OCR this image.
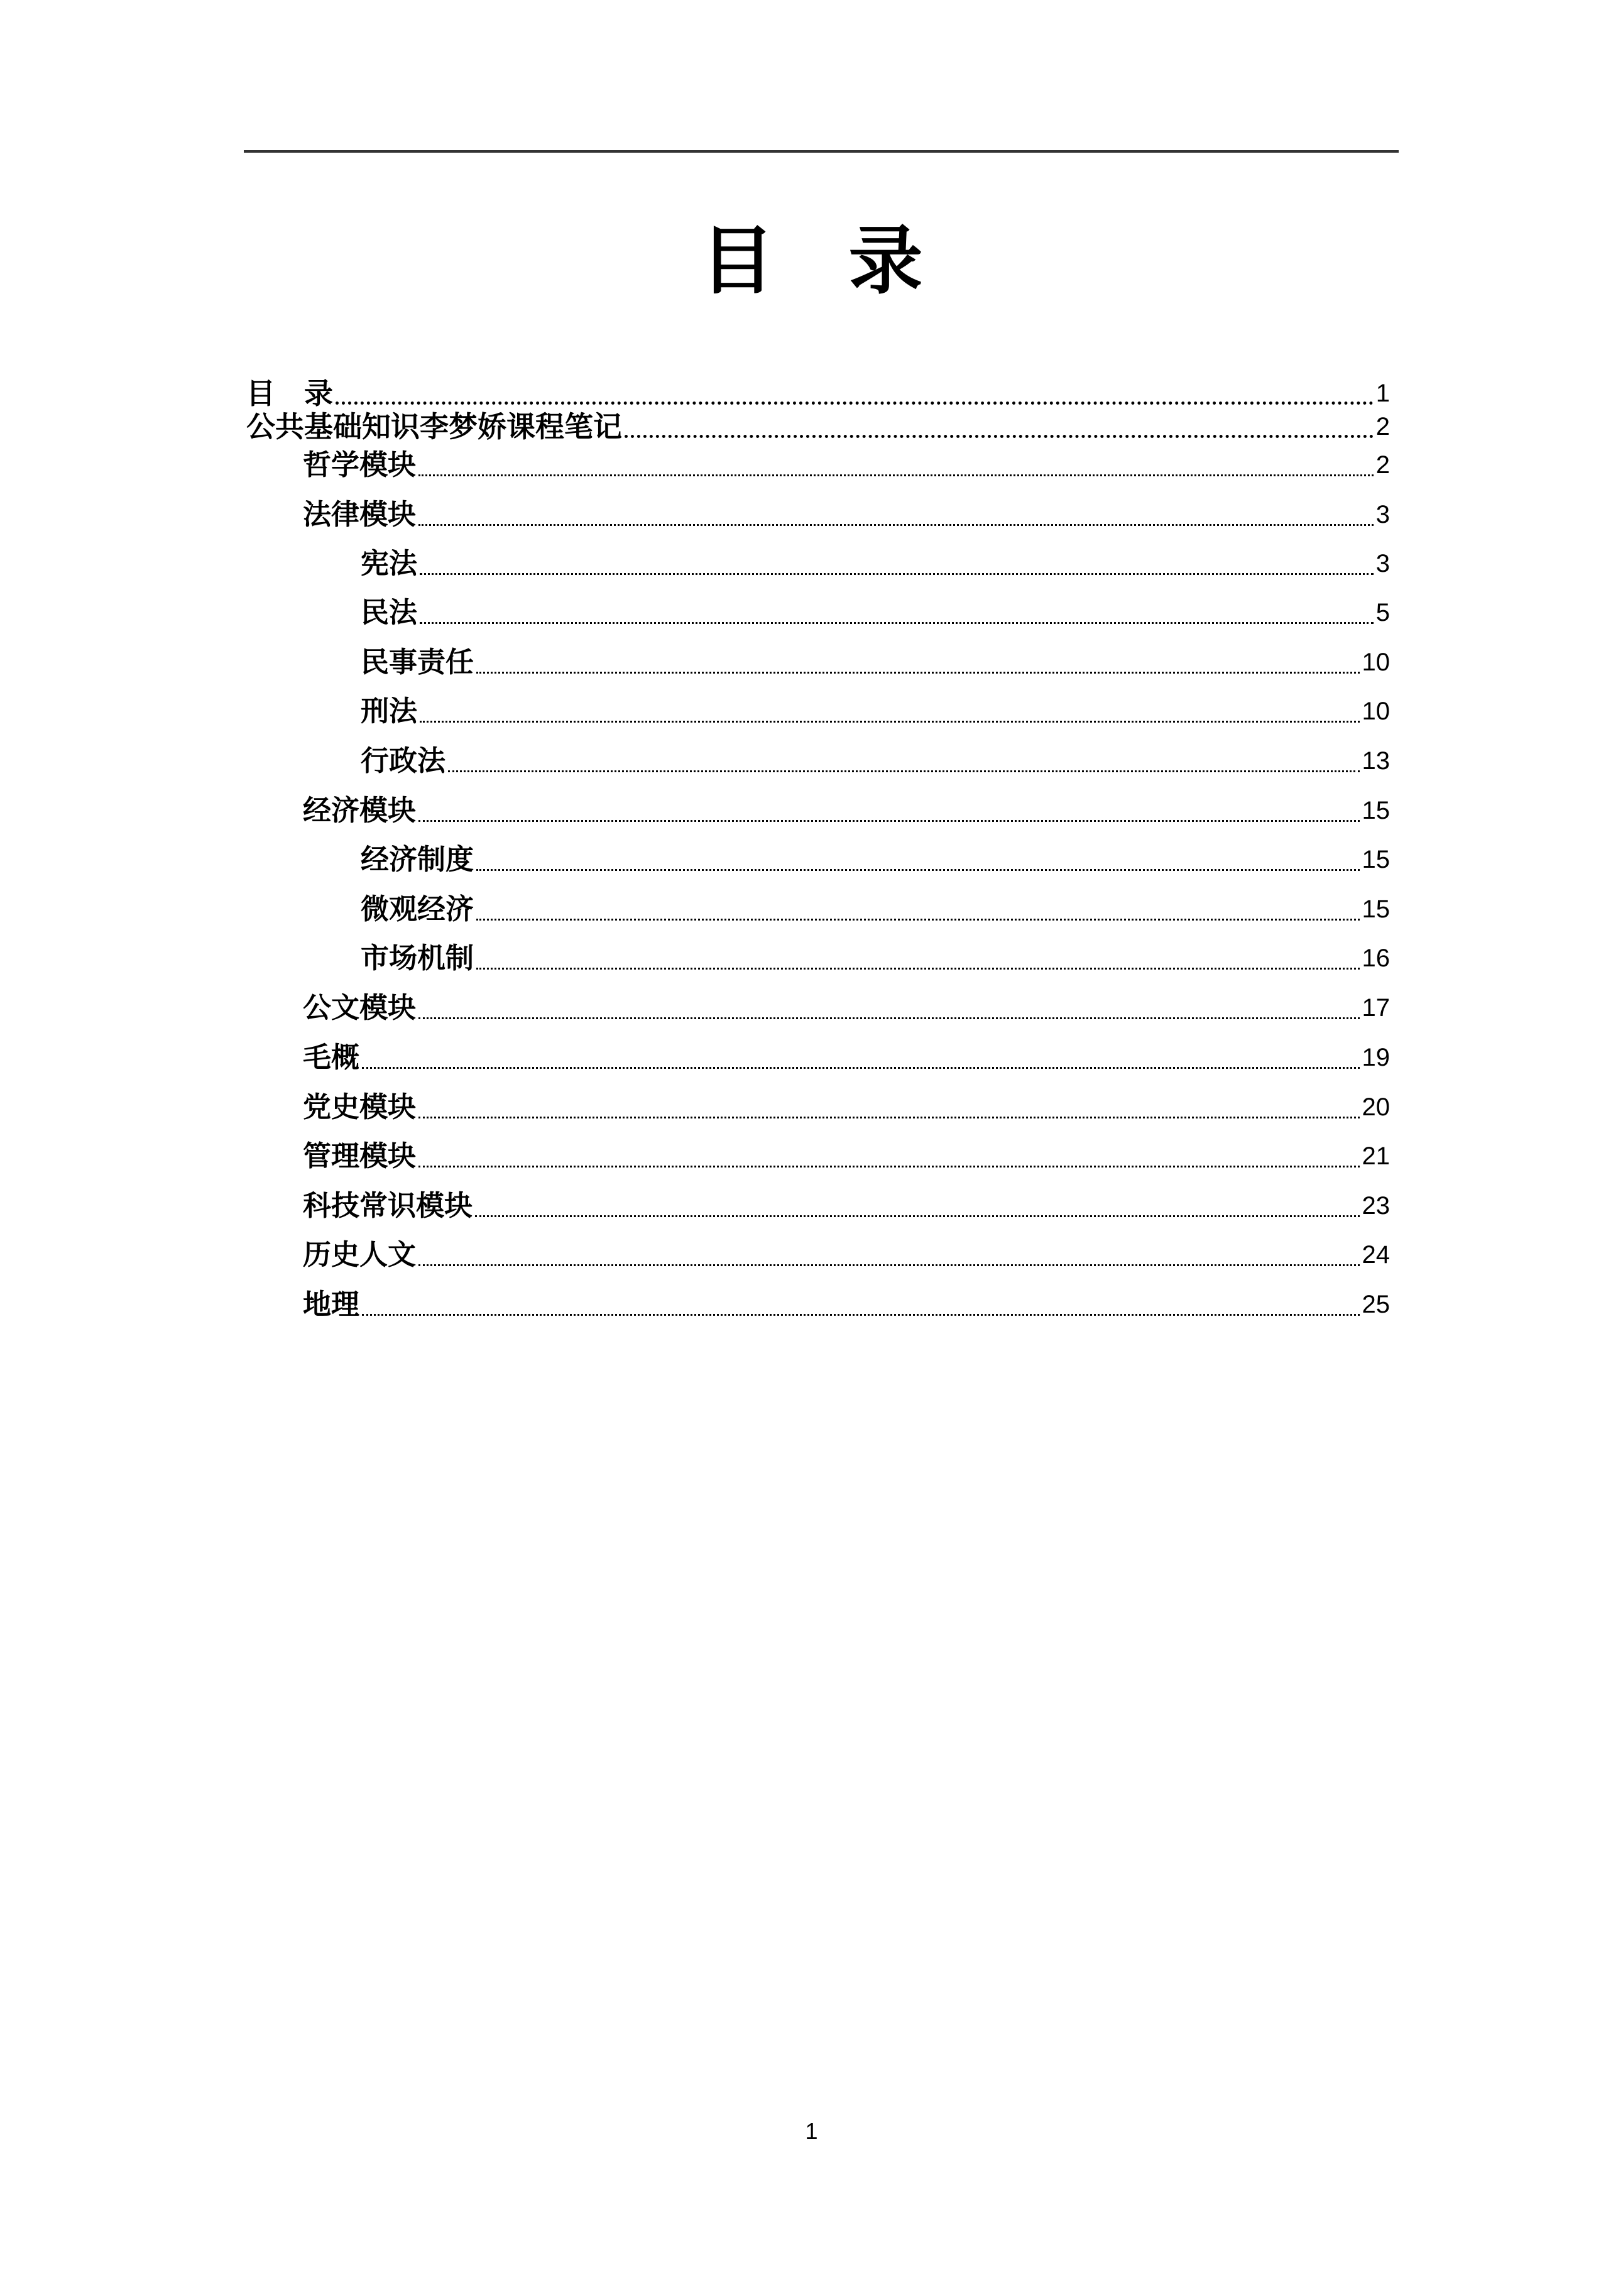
目　录
目　录	1
公共基础知识李梦娇课程笔记	2
哲学模块	2
法律模块	3
宪法	3
民法	5
民事责任	10
刑法	10
行政法	13
经济模块	15
经济制度	15
微观经济	15
市场机制	16
公文模块	17
毛概	19
党史模块	20
管理模块	21
科技常识模块	23
历史人文	24
地理	25
1
